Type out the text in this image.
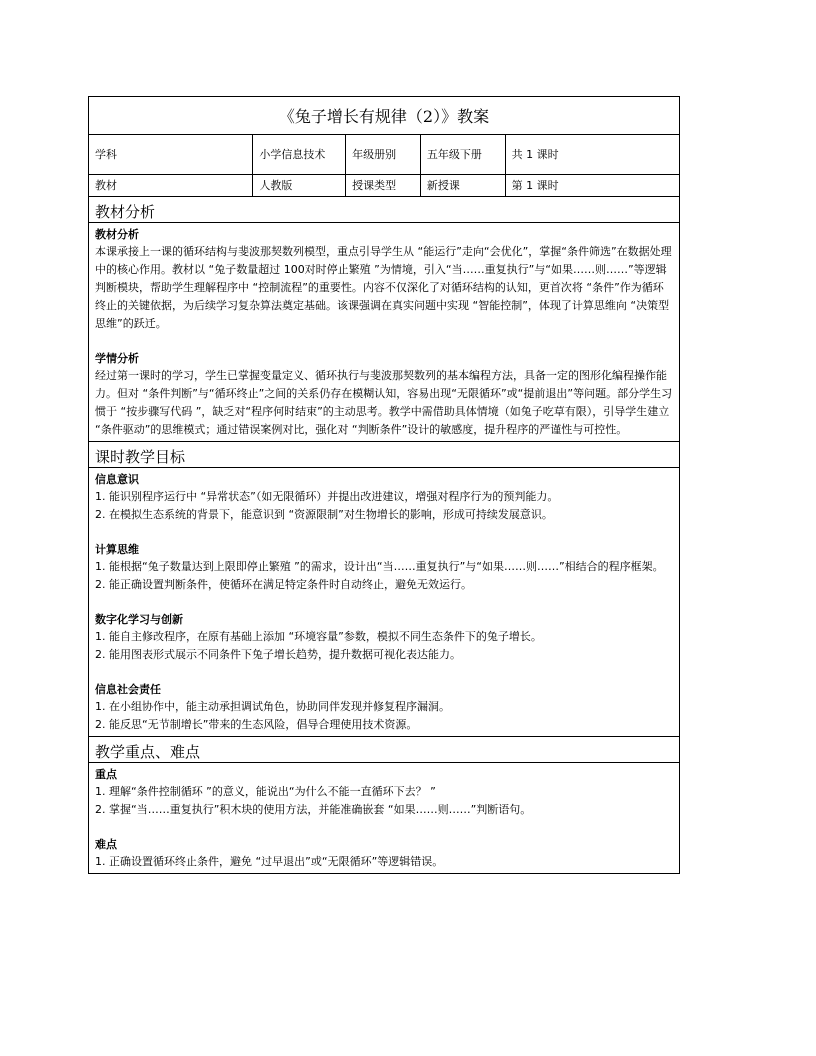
《兔子增长有规律（2）》教案
学科	小学信息技术	年级册别	五年级下册	共 1 课时
教材	人教版	授课类型	新授课	第 1 课时
教材分析
教材分析

本课承接上一课的循环结构与斐波那契数列模型，重点引导学生从 “能运行”走向“会优化”，掌握“条件筛选”在数据处理中的核心作用。教材以 “兔子数量超过 100对时停止繁殖 ”为情境，引入“当……重复执行”与“如果……则……”等逻辑判断模块，帮助学生理解程序中 “控制流程”的重要性。内容不仅深化了对循环结构的认知，更首次将 “条件”作为循环终止的关键依据，为后续学习复杂算法奠定基础。该课强调在真实问题中实现 “智能控制”，体现了计算思维向 “决策型思维”的跃迁。

学情分析

经过第一课时的学习，学生已掌握变量定义、循环执行与斐波那契数列的基本编程方法，具备一定的图形化编程操作能力。但对 “条件判断”与“循环终止”之间的关系仍存在模糊认知，容易出现“无限循环”或“提前退出”等问题。部分学生习惯于 “按步骤写代码 ”，缺乏对“程序何时结束”的主动思考。教学中需借助具体情境（如兔子吃草有限），引导学生建立 “条件驱动”的思维模式；通过错误案例对比，强化对 “判断条件”设计的敏感度，提升程序的严谨性与可控性。

课时教学目标
信息意识

1. 能识别程序运行中 “异常状态”（如无限循环）并提出改进建议，增强对程序行为的预判能力。

2. 在模拟生态系统的背景下，能意识到 “资源限制”对生物增长的影响，形成可持续发展意识。

计算思维

1. 能根据“兔子数量达到上限即停止繁殖 ”的需求，设计出“当……重复执行”与“如果……则……”相结合的程序框架。

2. 能正确设置判断条件，使循环在满足特定条件时自动终止，避免无效运行。

数字化学习与创新

1. 能自主修改程序，在原有基础上添加 “环境容量”参数，模拟不同生态条件下的兔子增长。

2. 能用图表形式展示不同条件下兔子增长趋势，提升数据可视化表达能力。

信息社会责任

1. 在小组协作中，能主动承担调试角色，协助同伴发现并修复程序漏洞。

2. 能反思“无节制增长”带来的生态风险，倡导合理使用技术资源。

教学重点、难点
重点

1. 理解“条件控制循环 ”的意义，能说出“为什么不能一直循环下去？ ”

2. 掌握“当……重复执行”积木块的使用方法，并能准确嵌套 “如果……则……”判断语句。

难点

1. 正确设置循环终止条件，避免 “过早退出”或“无限循环”等逻辑错误。
